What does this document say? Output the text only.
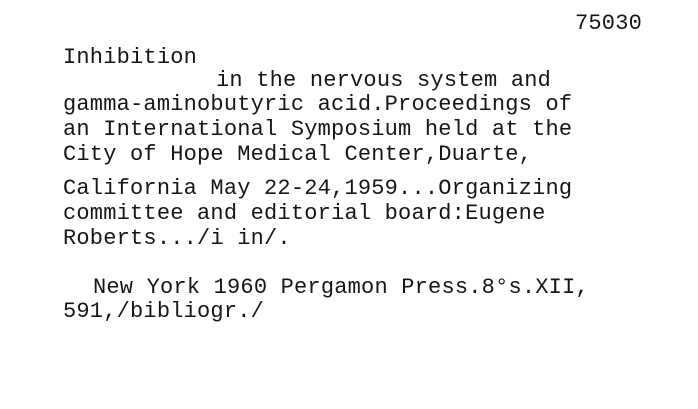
75030
Inhibition
in the nervous system and
gamma-aminobutyric acid.Proceedings of
an International Symposium held at the
City of Hope Medical Center,Duarte,
California May 22-24,1959...Organizing
committee and editorial board:Eugene
Roberts.../i in/.
New York 1960 Pergamon Press.8°s.XII,
591,/bibliogr./
